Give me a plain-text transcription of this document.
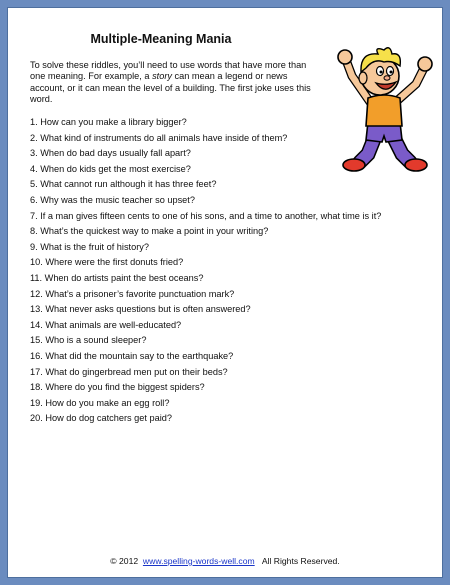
Multiple-Meaning Mania
To solve these riddles, you’ll need to use words that have more than one meaning. For example, a story can mean a legend or news account, or it can mean the level of a building. The first joke uses this word.
1. How can you make a library bigger?
2. What kind of instruments do all animals have inside of them?
3. When do bad days usually fall apart?
4. When do kids get the most exercise?
5. What cannot run although it has three feet?
6. Why was the music teacher so upset?
7. If a man gives fifteen cents to one of his sons, and a time to another, what time is it?
8. What’s the quickest way to make a point in your writing?
9. What is the fruit of history?
10. Where were the first donuts fried?
11. When do artists paint the best oceans?
12. What’s a prisoner’s favorite punctuation mark?
13. What never asks questions but is often answered?
14. What animals are well-educated?
15. Who is a sound sleeper?
16. What did the mountain say to the earthquake?
17. What do gingerbread men put on their beds?
18. Where do you find the biggest spiders?
19. How do you make an egg roll?
20. How do dog catchers get paid?
© 2012 www.spelling-words-well.com All Rights Reserved.
